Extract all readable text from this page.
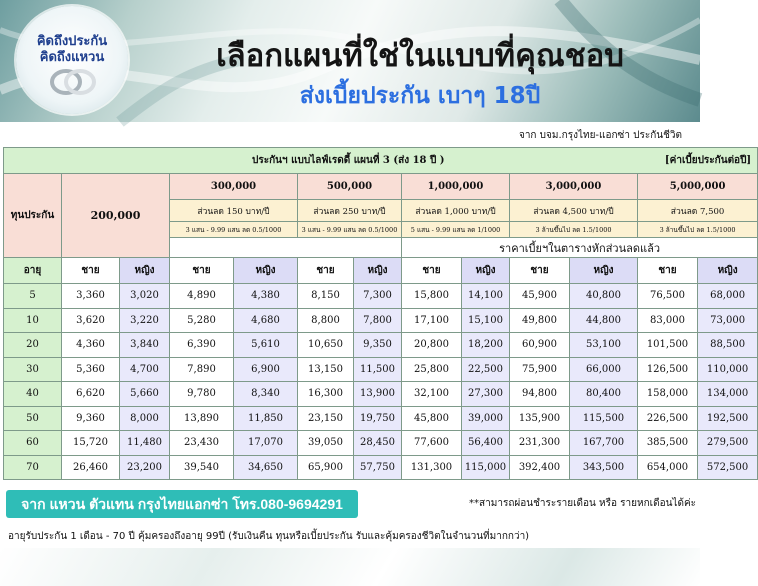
คิดถึงประกัน
คิดถึงแหวน	เลือกแผนที่ใช่ในแบบที่คุณชอบ
ส่งเบี้ยประกัน เบาๆ 18ปี
จาก บจม.กรุงไทย-แอกซ่า ประกันชีวิต
ประกันฯ แบบไลฟ์เรดดี้ แผนที่ 3 (ส่ง 18 ปี ) [ค่าเบี้ยประกันต่อปี]												

ทุนประกัน	200,000		300,000		500,000		1,000,000		3,000,000		5,000,000	
			ส่วนลด 150 บาท/ปี		ส่วนลด 250 บาท/ปี		ส่วนลด 1,000 บาท/ปี		ส่วนลด 4,500 บาท/ปี		ส่วนลด 7,500	
			3 แสน - 9.99 แสน ลด 0.5/1000		3 แสน - 9.99 แสน ลด 0.5/1000		5 แสน - 9.99 แสน ลด 1/1000		3 ล้านขึ้นไป ลด 1.5/1000		3 ล้านขึ้นไป ลด 1.5/1000	
							ราคาเบี้ยฯในตารางหักส่วนลดแล้ว					
อายุ	ชาย	หญิง	ชาย	หญิง	ชาย	หญิง	ชาย	หญิง	ชาย	หญิง	ชาย	หญิง
5	3,360	3,020	4,890	4,380	8,150	7,300	15,800	14,100	45,900	40,800	76,500	68,000
10	3,620	3,220	5,280	4,680	8,800	7,800	17,100	15,100	49,800	44,800	83,000	73,000
20	4,360	3,840	6,390	5,610	10,650	9,350	20,800	18,200	60,900	53,100	101,500	88,500
30	5,360	4,700	7,890	6,900	13,150	11,500	25,800	22,500	75,900	66,000	126,500	110,000
40	6,620	5,660	9,780	8,340	16,300	13,900	32,100	27,300	94,800	80,400	158,000	134,000
50	9,360	8,000	13,890	11,850	23,150	19,750	45,800	39,000	135,900	115,500	226,500	192,500
60	15,720	11,480	23,430	17,070	39,050	28,450	77,600	56,400	231,300	167,700	385,500	279,500
70	26,460	23,200	39,540	34,650	65,900	57,750	131,300	115,000	392,400	343,500	654,000	572,500
จาก แหวน ตัวแทน กรุงไทยแอกซ่า โทร.080-9694291	**สามารถผ่อนชำระรายเดือน หรือ รายหกเดือนได้ค่ะ
อายุรับประกัน 1 เดือน - 70 ปี คุ้มครองถึงอายุ 99ปี (รับเงินคืน ทุนหรือเบี้ยประกัน รับและคุ้มครองชีวิตในจำนวนที่มากกว่า)
